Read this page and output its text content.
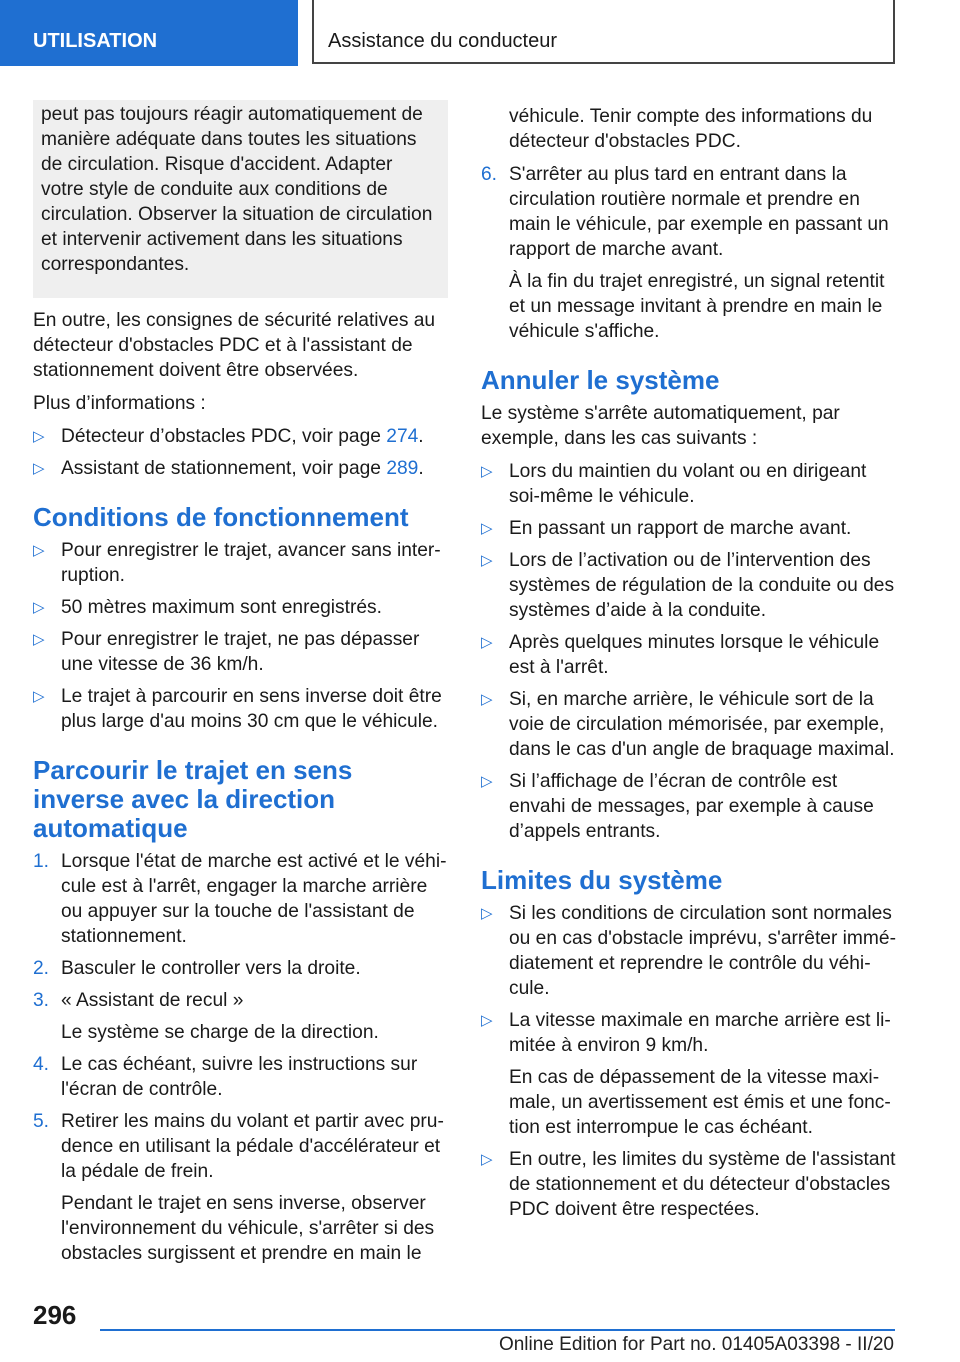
UTILISATION	Assistance du conducteur
peut pas toujours réagir automatiquement de manière adéquate dans toutes les situations de circulation. Risque d'accident. Adapter votre style de conduite aux conditions de circulation. Observer la situation de circulation et intervenir activement dans les situations correspondantes.

En outre, les consignes de sécurité relatives au détecteur d'obstacles PDC et à l'assistant de stationnement doivent être observées.

Plus d’informations :

▷ Détecteur d’obstacles PDC, voir page 274.
▷ Assistant de stationnement, voir page 289.
Conditions de fonctionnement
▷ Pour enregistrer le trajet, avancer sans interruption.
▷ 50 mètres maximum sont enregistrés.
▷ Pour enregistrer le trajet, ne pas dépasser une vitesse de 36 km/h.
▷ Le trajet à parcourir en sens inverse doit être plus large d'au moins 30 cm que le véhicule.
Parcourir le trajet en sens inverse avec la direction automatique
1. Lorsque l'état de marche est activé et le véhicule est à l'arrêt, engager la marche arrière ou appuyer sur la touche de l'assistant de stationnement.
2. Basculer le controller vers la droite.
3. « Assistant de recul »
Le système se charge de la direction.
4. Le cas échéant, suivre les instructions sur l'écran de contrôle.
5. Retirer les mains du volant et partir avec prudence en utilisant la pédale d'accélérateur et la pédale de frein.
Pendant le trajet en sens inverse, observer l'environnement du véhicule, s'arrêter si des obstacles surgissent et prendre en main le

véhicule. Tenir compte des informations du détecteur d'obstacles PDC.

6. S'arrêter au plus tard en entrant dans la circulation routière normale et prendre en main le véhicule, par exemple en passant un rapport de marche avant.
À la fin du trajet enregistré, un signal retentit et un message invitant à prendre en main le véhicule s'affiche.
Annuler le système

Le système s'arrête automatiquement, par exemple, dans les cas suivants :

▷ Lors du maintien du volant ou en dirigeant soi-même le véhicule.
▷ En passant un rapport de marche avant.
▷ Lors de l’activation ou de l’intervention des systèmes de régulation de la conduite ou des systèmes d’aide à la conduite.
▷ Après quelques minutes lorsque le véhicule est à l'arrêt.
▷ Si, en marche arrière, le véhicule sort de la voie de circulation mémorisée, par exemple, dans le cas d'un angle de braquage maximal.
▷ Si l’affichage de l’écran de contrôle est envahi de messages, par exemple à cause d’appels entrants.
Limites du système
▷ Si les conditions de circulation sont normales ou en cas d'obstacle imprévu, s'arrêter immédiatement et reprendre le contrôle du véhicule.
▷ La vitesse maximale en marche arrière est limitée à environ 9 km/h.
En cas de dépassement de la vitesse maximale, un avertissement est émis et une fonction est interrompue le cas échéant.
▷ En outre, les limites du système de l'assistant de stationnement et du détecteur d'obstacles PDC doivent être respectées.
296
Online Edition for Part no. 01405A03398 - II/20
